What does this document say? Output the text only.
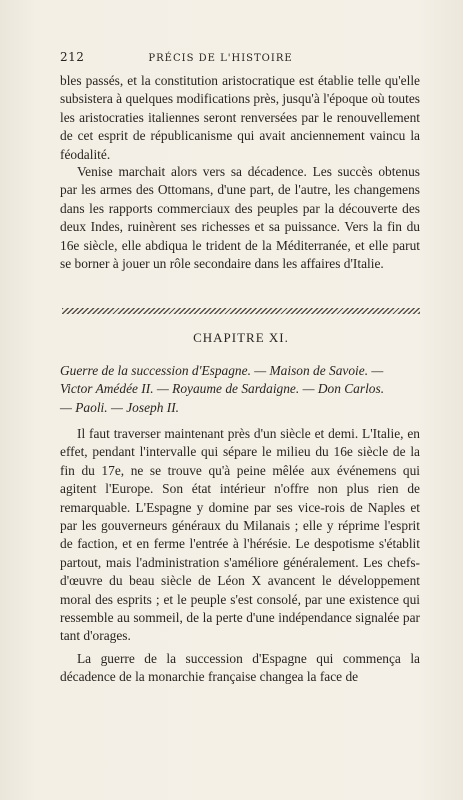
212	PRÉCIS DE L'HISTOIRE

bles passés, et la constitution aristocratique est établie telle qu'elle subsistera à quelques modifications près, jusqu'à l'époque où toutes les aristocraties italiennes seront renversées par le renouvellement de cet esprit de républicanisme qui avait anciennement vaincu la féodalité.

Venise marchait alors vers sa décadence. Les succès obtenus par les armes des Ottomans, d'une part, de l'autre, les changemens dans les rapports commerciaux des peuples par la découverte des deux Indes, ruinèrent ses richesses et sa puissance. Vers la fin du 16e siècle, elle abdiqua le trident de la Méditerranée, et elle parut se borner à jouer un rôle secondaire dans les affaires d'Italie.

CHAPITRE XI.

Guerre de la succession d'Espagne. — Maison de Savoie. —

Victor Amédée II. — Royaume de Sardaigne. — Don Carlos.

— Paoli. — Joseph II.

Il faut traverser maintenant près d'un siècle et demi. L'Italie, en effet, pendant l'intervalle qui sépare le milieu du 16e siècle de la fin du 17e, ne se trouve qu'à peine mêlée aux événemens qui agitent l'Europe. Son état intérieur n'offre non plus rien de remarquable. L'Espagne y domine par ses vice-rois de Naples et par les gouverneurs généraux du Milanais ; elle y réprime l'esprit de faction, et en ferme l'entrée à l'hérésie. Le despotisme s'établit partout, mais l'administration s'améliore généralement. Les chefs-d'œuvre du beau siècle de Léon X avancent le développement moral des esprits ; et le peuple s'est consolé, par une existence qui ressemble au sommeil, de la perte d'une indépendance signalée par tant d'orages.

La guerre de la succession d'Espagne qui commença la décadence de la monarchie française changea la face de
